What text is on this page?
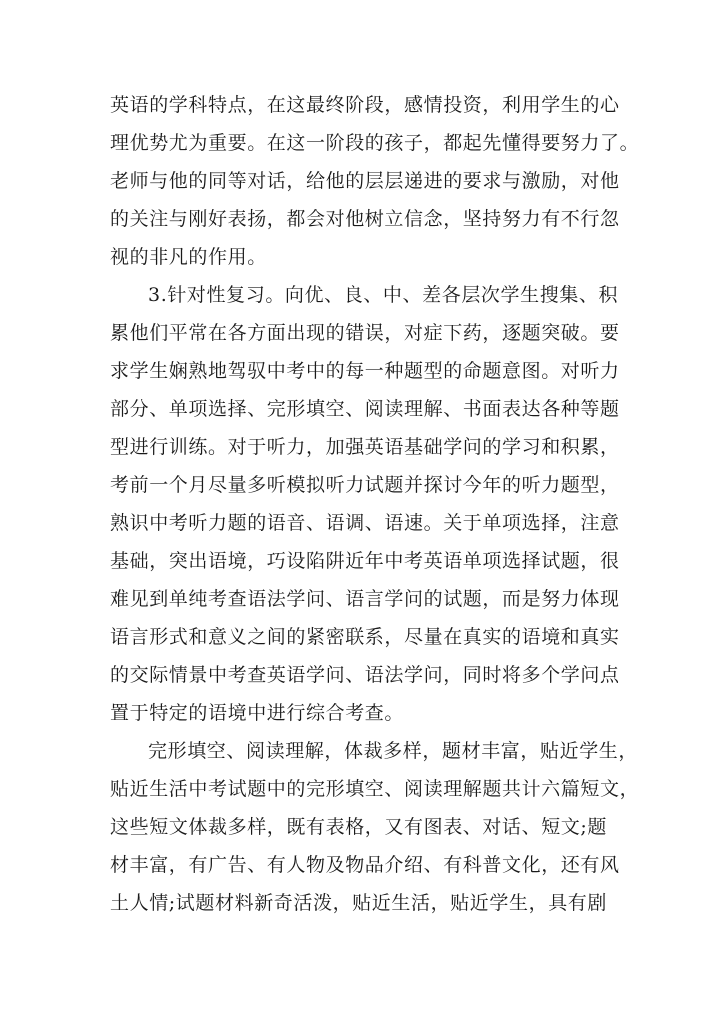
英语的学科特点，在这最终阶段，感情投资，利用学生的心
理优势尤为重要。在这一阶段的孩子，都起先懂得要努力了。
老师与他的同等对话，给他的层层递进的要求与激励，对他
的关注与刚好表扬，都会对他树立信念，坚持努力有不行忽
视的非凡的作用。
3.针对性复习。向优、良、中、差各层次学生搜集、积
累他们平常在各方面出现的错误，对症下药，逐题突破。要
求学生娴熟地驾驭中考中的每一种题型的命题意图。对听力
部分、单项选择、完形填空、阅读理解、书面表达各种等题
型进行训练。对于听力，加强英语基础学问的学习和积累，
考前一个月尽量多听模拟听力试题并探讨今年的听力题型，
熟识中考听力题的语音、语调、语速。关于单项选择，注意
基础，突出语境，巧设陷阱近年中考英语单项选择试题，很
难见到单纯考查语法学问、语言学问的试题，而是努力体现
语言形式和意义之间的紧密联系，尽量在真实的语境和真实
的交际情景中考查英语学问、语法学问，同时将多个学问点
置于特定的语境中进行综合考查。
完形填空、阅读理解，体裁多样，题材丰富，贴近学生，
贴近生活中考试题中的完形填空、阅读理解题共计六篇短文，
这些短文体裁多样，既有表格，又有图表、对话、短文;题
材丰富，有广告、有人物及物品介绍、有科普文化，还有风
土人情;试题材料新奇活泼，贴近生活，贴近学生，具有剧
